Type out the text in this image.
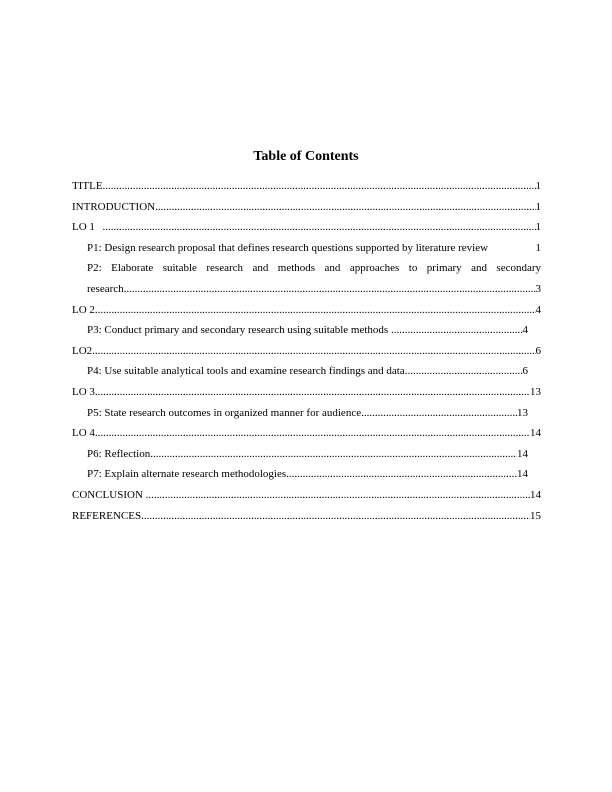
Table of Contents
TITLE .....	1
INTRODUCTION .....	1
LO 1 .....	1
P1: Design research proposal that defines research questions supported by literature review	1
P2: Elaborate suitable research and methods and approaches to primary and secondary
research .....	3
LO 2 .....	4
P3: Conduct primary and secondary research using suitable methods .....	4
LO2 .....	6
P4: Use suitable analytical tools and examine research findings and data .....	6
LO 3 .....	13
P5: State research outcomes in organized manner for audience .....	13
LO 4 .....	14
P6: Reflection .....	14
P7: Explain alternate research methodologies .....	14
CONCLUSION .....	14
REFERENCES .....	15
